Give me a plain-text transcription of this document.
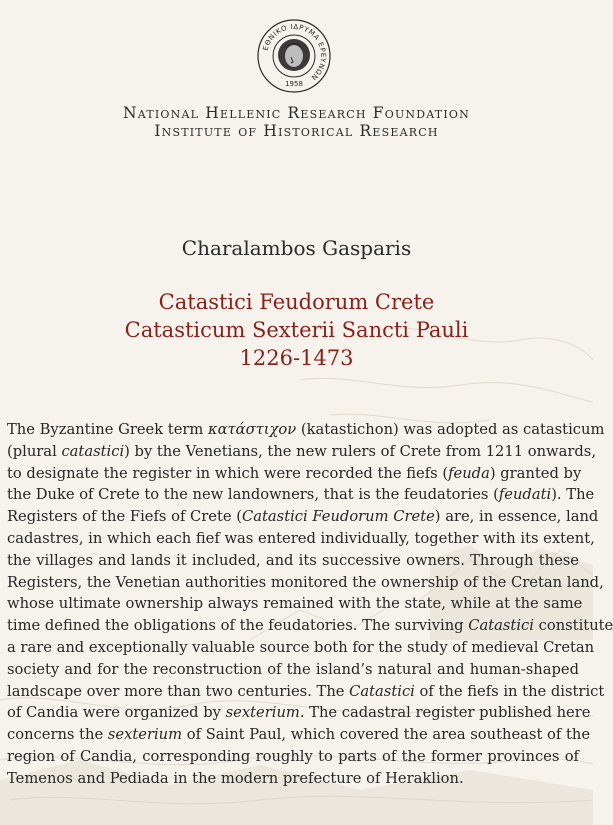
ΕΘΝΙΚΟ ΙΔΡΥΜΑ ΕΡΕΥΝΩΝ
1958
National Hellenic Research Foundation
Institute of Historical Research
Charalambos Gasparis
Catastici Feudorum Crete
Catasticum Sexterii Sancti Pauli
1226-1473
The Byzantine Greek term κατάστιχον (katastichon) was adopted as catasticum
(plural catastici) by the Venetians, the new rulers of Crete from 1211 onwards,
to designate the register in which were recorded the fiefs (feuda) granted by
the Duke of Crete to the new landowners, that is the feudatories (feudati). The
Registers of the Fiefs of Crete (Catastici Feudorum Crete) are, in essence, land
cadastres, in which each fief was entered individually, together with its extent,
the villages and lands it included, and its successive owners. Through these
Registers, the Venetian authorities monitored the ownership of the Cretan land,
whose ultimate ownership always remained with the state, while at the same
time defined the obligations of the feudatories. The surviving Catastici constitute
a rare and exceptionally valuable source both for the study of medieval Cretan
society and for the reconstruction of the island’s natural and human-shaped
landscape over more than two centuries. The Catastici of the fiefs in the district
of Candia were organized by sexterium. The cadastral register published here
concerns the sexterium of Saint Paul, which covered the area southeast of the
region of Candia, corresponding roughly to parts of the former provinces of
Temenos and Pediada in the modern prefecture of Heraklion.
